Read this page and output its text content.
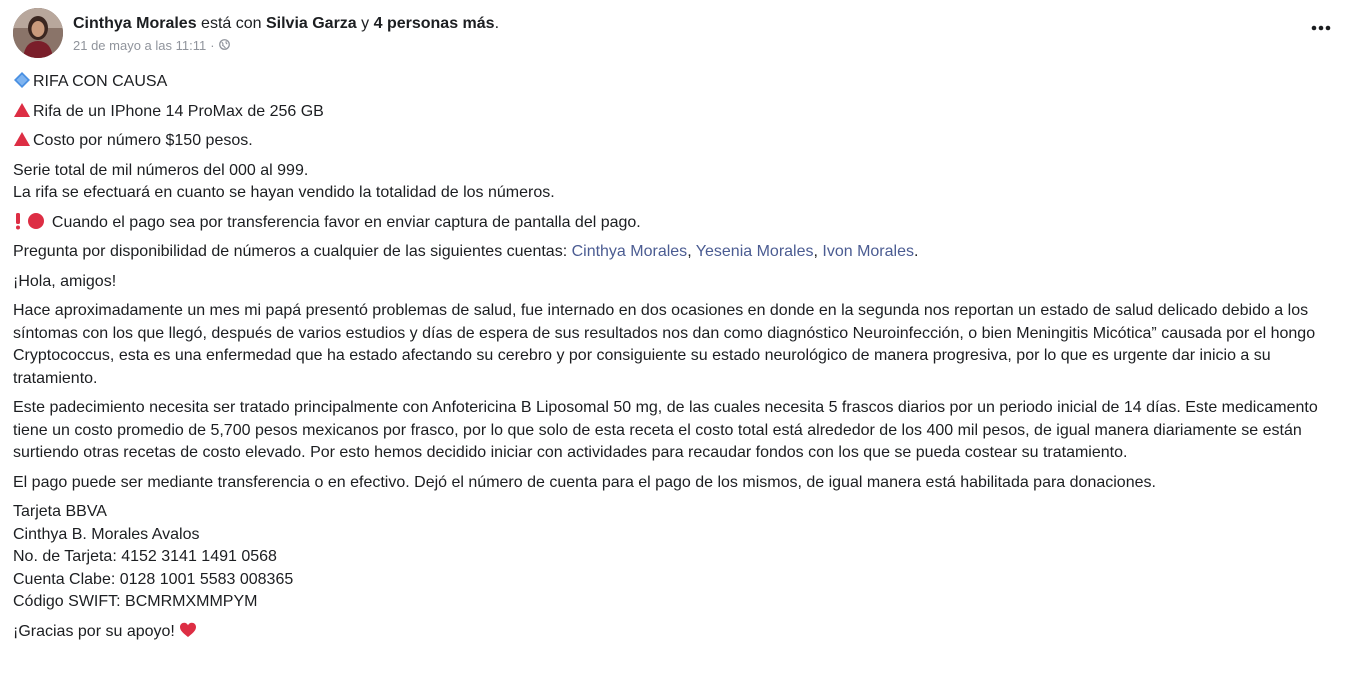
Cinthya Morales está con Silvia Garza y 4 personas más.
21 de mayo a las 11:11 ·

RIFA CON CAUSA

Rifa de un IPhone 14 ProMax de 256 GB

Costo por número $150 pesos.

Serie total de mil números del 000 al 999.
La rifa se efectuará en cuanto se hayan vendido la totalidad de los números.

Cuando el pago sea por transferencia favor en enviar captura de pantalla del pago.

Pregunta por disponibilidad de números a cualquier de las siguientes cuentas: Cinthya Morales, Yesenia Morales, Ivon Morales.

¡Hola, amigos!

Hace aproximadamente un mes mi papá presentó problemas de salud, fue internado en dos ocasiones en donde en la segunda nos reportan un estado de salud delicado debido a los síntomas con los que llegó, después de varios estudios y días de espera de sus resultados nos dan como diagnóstico Neuroinfección, o bien Meningitis Micótica” causada por el hongo Cryptococcus, esta es una enfermedad que ha estado afectando su cerebro y por consiguiente su estado neurológico de manera progresiva, por lo que es urgente dar inicio a su tratamiento.

Este padecimiento necesita ser tratado principalmente con Anfotericina B Liposomal 50 mg, de las cuales necesita 5 frascos diarios por un periodo inicial de 14 días. Este medicamento tiene un costo promedio de 5,700 pesos mexicanos por frasco, por lo que solo de esta receta el costo total está alrededor de los 400 mil pesos, de igual manera diariamente se están surtiendo otras recetas de costo elevado. Por esto hemos decidido iniciar con actividades para recaudar fondos con los que se pueda costear su tratamiento.

El pago puede ser mediante transferencia o en efectivo. Dejó el número de cuenta para el pago de los mismos, de igual manera está habilitada para donaciones.

Tarjeta BBVA
Cinthya B. Morales Avalos
No. de Tarjeta: 4152 3141 1491 0568
Cuenta Clabe: 0128 1001 5583 008365
Código SWIFT: BCMRMXMMPYM

¡Gracias por su apoyo!
